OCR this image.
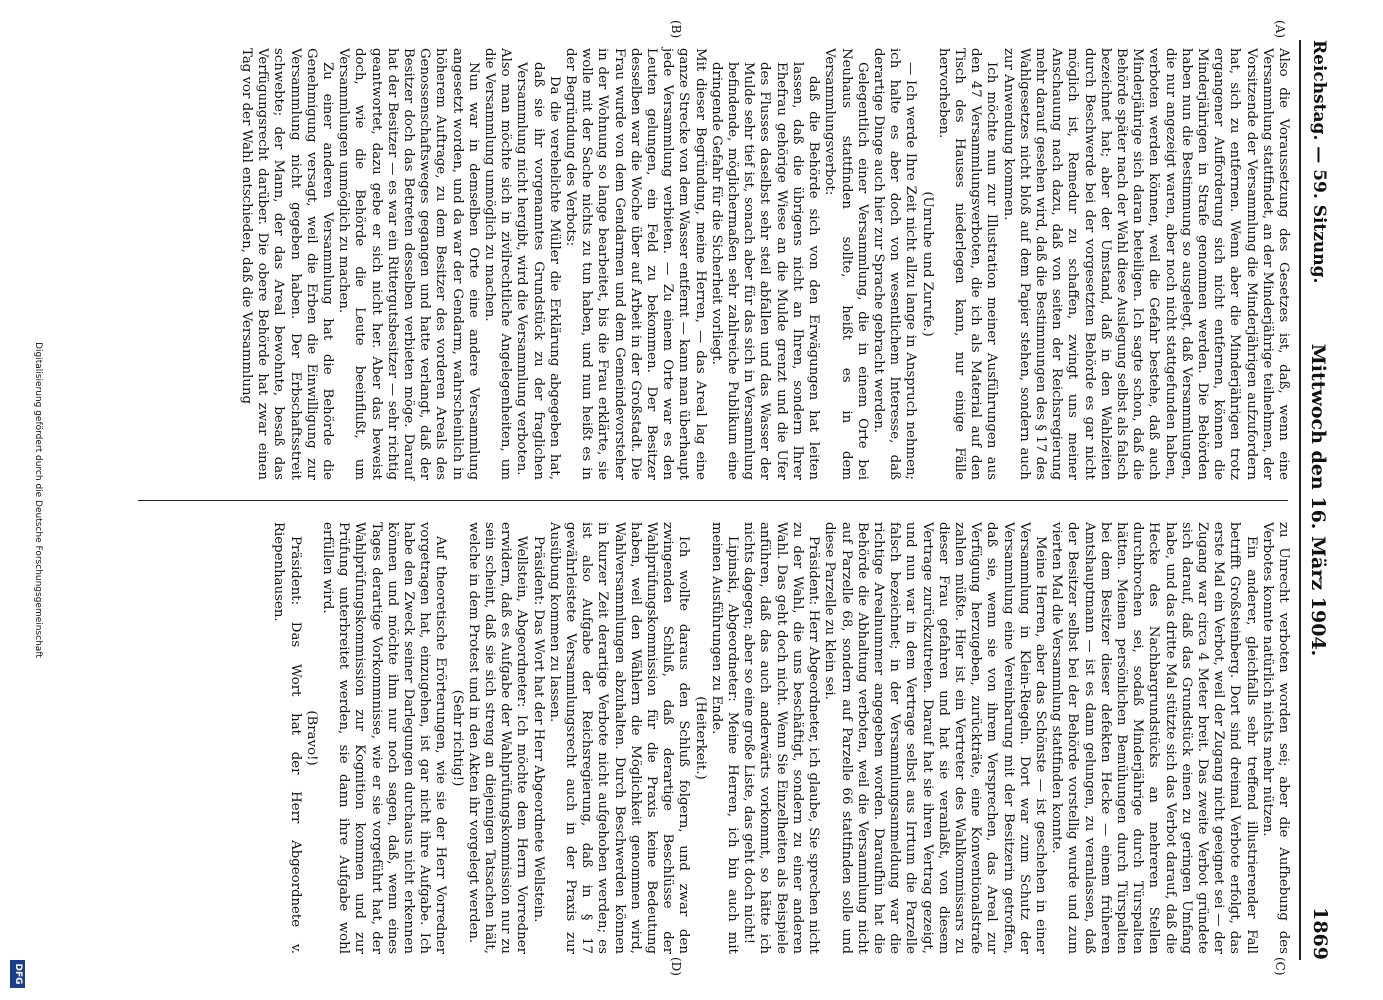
Reichstag. — 59. Sitzung.
Mittwoch den 16. März 1904.
1869
(A)
(B)
(C)
(D)

Also die Voraussetzung des Gesetzes ist, daß, wenn eine Versammlung stattfindet, an der Minderjährige teilnehmen, der Vorsitzende der Versammlung die Minderjährigen aufzufordern hat, sich zu entfernen. Wenn aber die Minderjährigen trotz ergangener Aufforderung sich nicht entfernen, können die Minderjährigen in Strafe genommen werden. Die Behörden haben nun die Bestimmung so ausgelegt, daß Versammlungen, die nur angezeigt waren, aber noch nicht stattgefunden haben, verboten werden können, weil die Gefahr bestehe, daß auch Minderjährige sich daran beteiligen. Ich sagte schon, daß die Behörde später nach der Wahl diese Auslegung selbst als falsch bezeichnet hat; aber der Umstand, daß in den Wahlzeiten durch Beschwerde bei der vorgesetzten Behörde es gar nicht möglich ist, Remedur zu schaffen, zwingt uns meiner Anschauung nach dazu, daß von seiten der Reichsregierung mehr darauf gesehen wird, daß die Bestimmungen des § 17 des Wahlgesetzes nicht bloß auf dem Papier stehen, sondern auch zur Anwendung kommen.

Ich möchte nun zur Illustration meiner Ausführungen aus den 47 Versammlungsverboten, die ich als Material auf den Tisch des Hauses niederlegen kann, nur einige Fälle hervorheben.

(Unruhe und Zurufe.)

— Ich werde Ihre Zeit nicht allzu lange in Anspruch nehmen; ich halte es aber doch von wesentlichem Interesse, daß derartige Dinge auch hier zur Sprache gebracht werden.

Gelegentlich einer Versammlung, die in einem Orte bei Neuhaus stattfinden sollte, heißt es in dem Versammlungsverbot:

daß die Behörde sich von den Erwägungen hat leiten lassen, daß die übrigens nicht an Ihren, sondern Ihrer Ehefrau gehörige Wiese an die Mulde grenzt und die Ufer des Flusses daselbst sehr steil abfallen und das Wasser der Mulde sehr tief ist, sonach aber für das sich in Versammlung befindende, möglichermaßen sehr zahlreiche Publikum eine dringende Gefahr für die Sicherheit vorliegt.

Mit dieser Begründung, meine Herren, — das Areal lag eine ganze Strecke von dem Wasser entfernt — kann man überhaupt jede Versammlung verbieten. — Zu einem Orte war es den Leuten gelungen, ein Feld zu bekommen. Der Besitzer desselben war die Woche über auf Arbeit in der Großstadt. Die Frau wurde von dem Gendarmen und dem Gemeindevorsteher in der Wohnung so lange bearbeitet, bis die Frau erklärte, sie wolle mit der Sache nichts zu tun haben, und nun heißt es in der Begründung des Verbots:

Da die verehelichte Müller die Erklärung abgegeben hat, daß sie ihr vorgenanntes Grundstück zu der fraglichen Versammlung nicht hergibt, wird die Versammlung verboten.

Also man möchte sich in zivilrechtliche Angelegenheiten, um die Versammlung unmöglich zu machen.

Nun war in demselben Orte eine andere Versammlung angesetzt worden, und da war der Gendarm, wahrscheinlich in höherem Auftrage, zu dem Besitzer des vorderen Areals des Genossenschaftsweges gegangen und hatte verlangt, daß der Besitzer doch das Betreten desselben verbieten möge. Darauf hat der Besitzer — es war ein Rittergutsbesitzer — sehr richtig geantwortet, dazu gebe er sich nicht her. Aber das beweist doch, wie die Behörde die Leute beeinflußt, um Versammlungen unmöglich zu machen.

Zu einer anderen Versammlung hat die Behörde die Genehmigung versagt, weil die Erben die Einwilligung zur Versammlung nicht gegeben haben. Der Erbschaftsstreit schwebte; der Mann, der das Areal bewohnte, besaß das Verfügungsrecht darüber. Die obere Behörde hat zwar einen Tag vor der Wahl entschieden, daß die Versammlung

zu Unrecht verboten worden sei; aber die Aufhebung des Verbotes konnte natürlich nichts mehr nützen.

Ein anderer, gleichfalls sehr treffend illustrierender Fall betrifft Großsteinberg. Dort sind dreimal Verbote erfolgt, das erste Mal ein Verbot, weil der Zugang nicht geeignet sei — der Zugang war circa 4 Meter breit. Das zweite Verbot gründete sich darauf, daß das Grundstück einen zu geringen Umfang habe, und das dritte Mal stützte sich das Verbot darauf, daß die Hecke des Nachbargrundstücks an mehreren Stellen durchbrochen sei, sodaß Minderjährige durch Türspalten hätten. Meinen persönlichen Bemühungen durch Türspalten bei dem Besitzer dieser defekten Hecke — einem früheren Amtshauptmann — ist es dann gelungen, zu veranlassen, daß der Besitzer selbst bei der Behörde vorstellig wurde und zum vierten Mal die Versammlung stattfinden konnte.

Meine Herren, aber das Schönste — ist geschehen in einer Versammlung in Klein-Riegeln. Dort war zum Schutz der Versammlung eine Vereinbarung mit der Besitzerin getroffen, daß sie, wenn sie von ihrem Versprechen, das Areal zur Verfügung herzugeben, zurückträte, eine Konventionalstrafe zahlen müßte. Hier ist ein Vertreter des Wahlkommissars zu dieser Frau gefahren und hat sie veranlaßt, von diesem Vertrage zurückzutreten. Darauf hat sie ihren Vertrag gezeigt, und nun war in dem Vertrage selbst aus Irrtum die Parzelle falsch bezeichnet; in der Versammlungsanmeldung war die richtige Arealnummer angegeben worden. Daraufhin hat die Behörde die Abhaltung verboten, weil die Versammlung nicht auf Parzelle 68, sondern auf Parzelle 66 stattfinden solle und diese Parzelle zu klein sei.

Präsident: Herr Abgeordneter, ich glaube, Sie sprechen nicht zu der Wahl, die uns beschäftigt, sondern zu einer anderen Wahl. Das geht doch nicht. Wenn Sie Einzelheiten als Beispiele anführen, daß das auch anderwärts vorkommt, so hätte ich nichts dagegen; aber so eine große Liste, das geht doch nicht!

Lipinski, Abgeordneter: Meine Herren, ich bin auch mit meinen Ausführungen zu Ende.

(Heiterkeit.)

Ich wollte daraus den Schluß folgern, und zwar den zwingenden Schluß, daß derartige Beschlüsse der Wahlprüfungskommission für die Praxis keine Bedeutung haben, weil den Wählern die Möglichkeit genommen wird, Wahlversammlungen abzuhalten. Durch Beschwerden können in kurzer Zeit derartige Verbote nicht aufgehoben werden; es ist also Aufgabe der Reichsregierung, daß in § 17 gewährleistete Versammlungsrecht auch in der Praxis zur Ausübung kommen zu lassen.

Präsident: Das Wort hat der Herr Abgeordnete Wellstein.

Wellstein, Abgeordneter: Ich möchte dem Herrn Vorredner erwidern, daß es Aufgabe der Wahlprüfungskommission nur zu sein scheint, daß sie sich streng an diejenigen Tatsachen hält, welche in dem Protest und in den Akten ihr vorgelegt werden.

(Sehr richtig!)

Auf theoretische Erörterungen, wie sie der Herr Vorredner vorgetragen hat, einzugehen, ist gar nicht ihre Aufgabe. Ich habe den Zweck seiner Darlegungen durchaus nicht erkennen können und möchte ihm nur noch sagen, daß, wenn eines Tages derartige Vorkommnisse, wie er sie vorgeführt hat, der Wahlprüfungskommission zur Kognition kommen und zur Prüfung unterbreitet werden, sie dann ihre Aufgabe wohl erfüllen wird.

(Bravo!)

Präsident: Das Wort hat der Herr Abgeordnete v. Riepenhausen.

Digitalisierung gefördert durch die Deutsche Forschungsgemeinschaft
DFG
